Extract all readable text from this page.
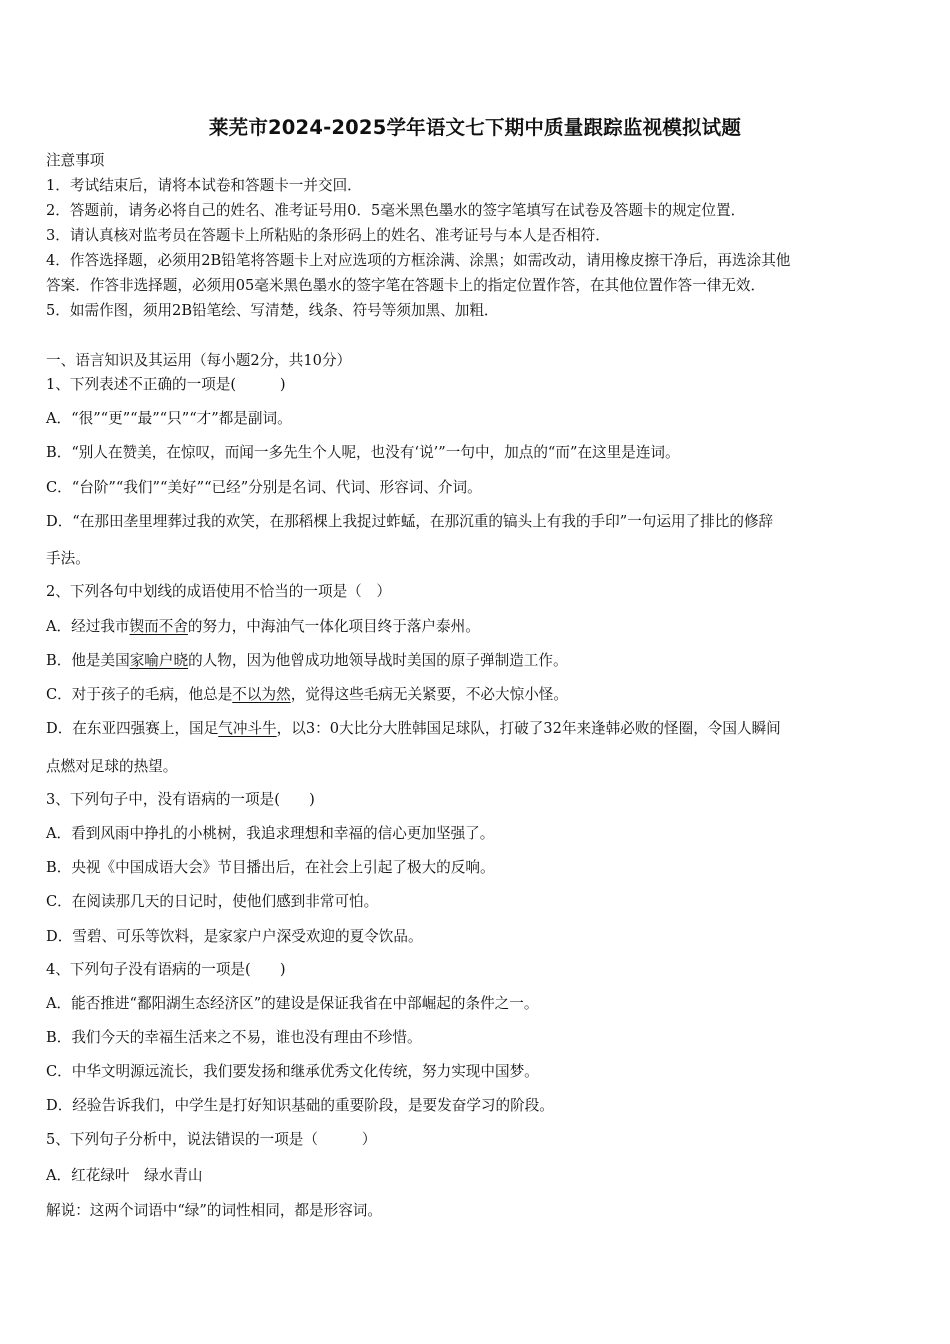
莱芜市2024-2025学年语文七下期中质量跟踪监视模拟试题
注意事项
1．考试结束后，请将本试卷和答题卡一并交回．
2．答题前，请务必将自己的姓名、准考证号用0．5毫米黑色墨水的签字笔填写在试卷及答题卡的规定位置．
3．请认真核对监考员在答题卡上所粘贴的条形码上的姓名、准考证号与本人是否相符．
4．作答选择题，必须用2B铅笔将答题卡上对应选项的方框涂满、涂黑；如需改动，请用橡皮擦干净后，再选涂其他
答案．作答非选择题，必须用05毫米黑色墨水的签字笔在答题卡上的指定位置作答，在其他位置作答一律无效．
5．如需作图，须用2B铅笔绘、写清楚，线条、符号等须加黑、加粗．
一、语言知识及其运用（每小题2分，共10分）
1、下列表述不正确的一项是(　　　)
A．“很”“更”“最”“只”“才”都是副词。
B．“别人在赞美，在惊叹，而闻一多先生个人呢，也没有‘说’”一句中，加点的“而”在这里是连词。
C．“台阶”“我们”“美好”“已经”分别是名词、代词、形容词、介词。
D．“在那田垄里埋葬过我的欢笑，在那稻棵上我捉过蚱蜢，在那沉重的镐头上有我的手印”一句运用了排比的修辞
手法。
2、下列各句中划线的成语使用不恰当的一项是（　）
A．经过我市锲而不舍的努力，中海油气一体化项目终于落户泰州。
B．他是美国家喻户晓的人物，因为他曾成功地领导战时美国的原子弹制造工作。
C．对于孩子的毛病，他总是不以为然，觉得这些毛病无关紧要，不必大惊小怪。
D．在东亚四强赛上，国足气冲斗牛，以3：0大比分大胜韩国足球队，打破了32年来逢韩必败的怪圈，令国人瞬间
点燃对足球的热望。
3、下列句子中，没有语病的一项是(　　)
A．看到风雨中挣扎的小桃树，我追求理想和幸福的信心更加坚强了。
B．央视《中国成语大会》节目播出后，在社会上引起了极大的反响。
C．在阅读那几天的日记时，使他们感到非常可怕。
D．雪碧、可乐等饮料，是家家户户深受欢迎的夏令饮品。
4、下列句子没有语病的一项是(　　)
A．能否推进“鄱阳湖生态经济区”的建设是保证我省在中部崛起的条件之一。
B．我们今天的幸福生活来之不易，谁也没有理由不珍惜。
C．中华文明源远流长，我们要发扬和继承优秀文化传统，努力实现中国梦。
D．经验告诉我们，中学生是打好知识基础的重要阶段，是要发奋学习的阶段。
5、下列句子分析中，说法错误的一项是（　　　）
A．红花绿叶　绿水青山
解说：这两个词语中“绿”的词性相同，都是形容词。
